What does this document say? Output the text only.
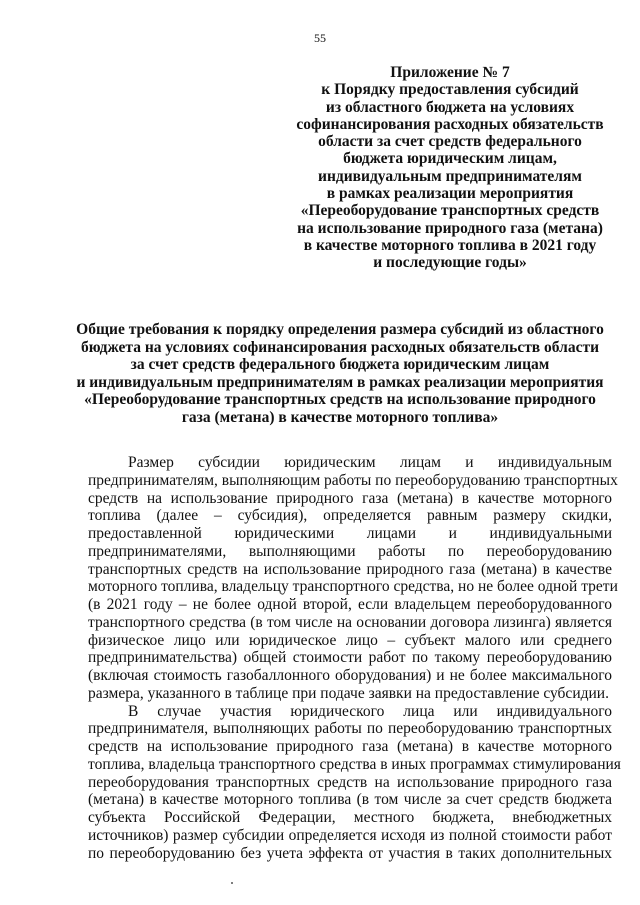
55
Приложение № 7
к Порядку предоставления субсидий
из областного бюджета на условиях
софинансирования расходных обязательств
области за счет средств федерального
бюджета юридическим лицам,
индивидуальным предпринимателям
в рамках реализации мероприятия
«Переоборудование транспортных средств
на использование природного газа (метана)
в качестве моторного топлива в 2021 году
и последующие годы»
Общие требования к порядку определения размера субсидий из областного
бюджета на условиях софинансирования расходных обязательств области
за счет средств федерального бюджета юридическим лицам
и индивидуальным предпринимателям в рамках реализации мероприятия
«Переоборудование транспортных средств на использование природного
газа (метана) в качестве моторного топлива»
Размер субсидии юридическим лицам и индивидуальным
предпринимателям, выполняющим работы по переоборудованию транспортных
средств на использование природного газа (метана) в качестве моторного
топлива (далее – субсидия), определяется равным размеру скидки,
предоставленной юридическими лицами и индивидуальными
предпринимателями, выполняющими работы по переоборудованию
транспортных средств на использование природного газа (метана) в качестве
моторного топлива, владельцу транспортного средства, но не более одной трети
(в 2021 году – не более одной второй, если владельцем переоборудованного
транспортного средства (в том числе на основании договора лизинга) является
физическое лицо или юридическое лицо – субъект малого или среднего
предпринимательства) общей стоимости работ по такому переоборудованию
(включая стоимость газобаллонного оборудования) и не более максимального
размера, указанного в таблице при подаче заявки на предоставление субсидии.
В случае участия юридического лица или индивидуального
предпринимателя, выполняющих работы по переоборудованию транспортных
средств на использование природного газа (метана) в качестве моторного
топлива, владельца транспортного средства в иных программах стимулирования
переоборудования транспортных средств на использование природного газа
(метана) в качестве моторного топлива (в том числе за счет средств бюджета
субъекта Российской Федерации, местного бюджета, внебюджетных
источников) размер субсидии определяется исходя из полной стоимости работ
по переоборудованию без учета эффекта от участия в таких дополнительных
